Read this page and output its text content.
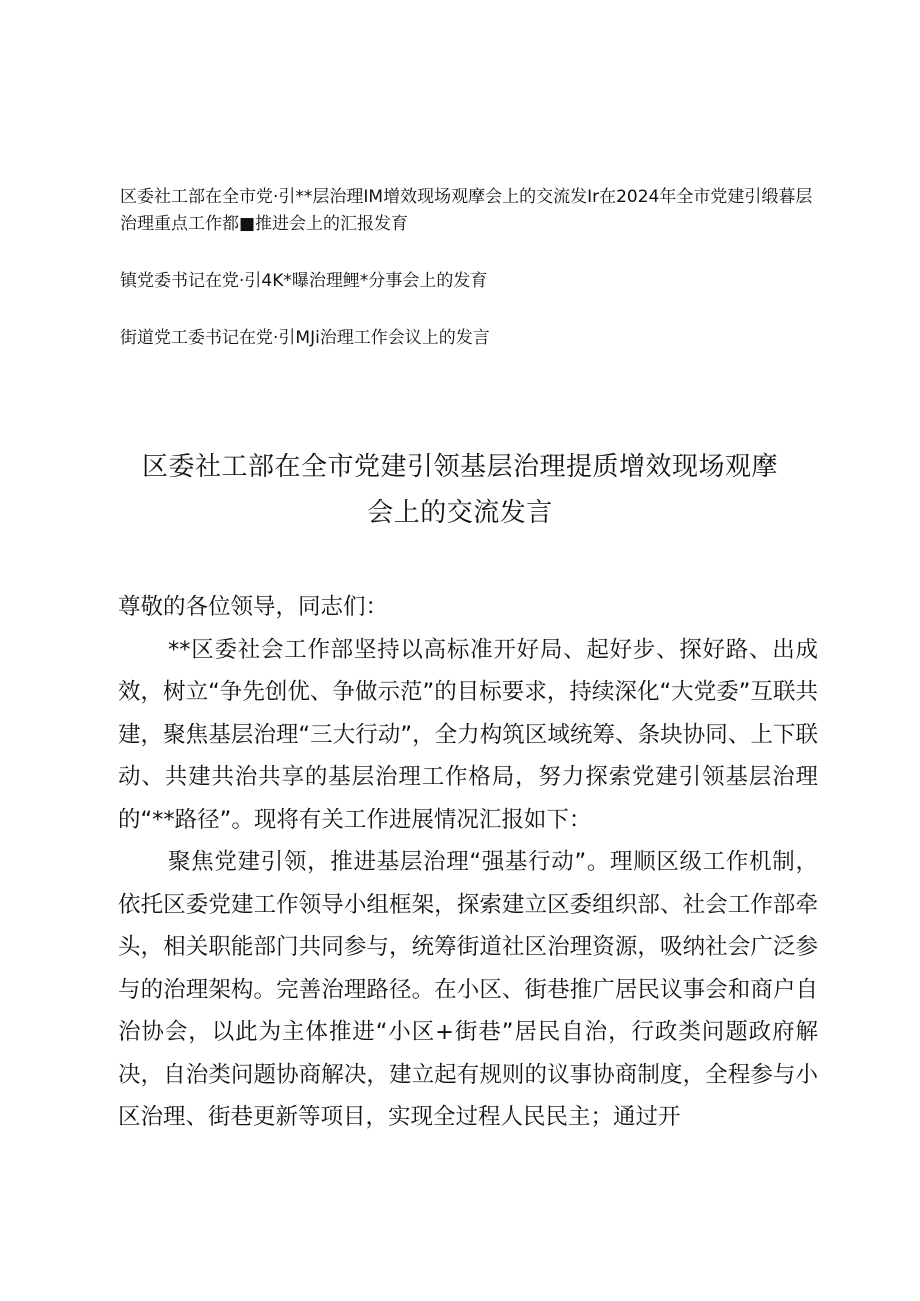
区委社工部在全市党·引**层治理IM增效现场观摩会上的交流发Ir在2024年全市党建引缎暮层治理重点工作都■推进会上的汇报发育

镇党委书记在党·引4K*曝治理鲤*分事会上的发育

街道党工委书记在党·引MJi治理工作会议上的发言

区委社工部在全市党建引领基层治理提质增效现场观摩
会上的交流发言

尊敬的各位领导，同志们：

**区委社会工作部坚持以高标准开好局、起好步、探好路、出成效，树立“争先创优、争做示范”的目标要求，持续深化“大党委”互联共建，聚焦基层治理“三大行动”，全力构筑区域统筹、条块协同、上下联动、共建共治共享的基层治理工作格局，努力探索党建引领基层治理的“**路径”。现将有关工作进展情况汇报如下：

聚焦党建引领，推进基层治理“强基行动”。理顺区级工作机制，依托区委党建工作领导小组框架，探索建立区委组织部、社会工作部牵头，相关职能部门共同参与，统筹街道社区治理资源，吸纳社会广泛参与的治理架构。完善治理路径。在小区、街巷推广居民议事会和商户自治协会，以此为主体推进“小区+街巷”居民自治，行政类问题政府解决，自治类问题协商解决，建立起有规则的议事协商制度，全程参与小区治理、街巷更新等项目，实现全过程人民民主；通过开
